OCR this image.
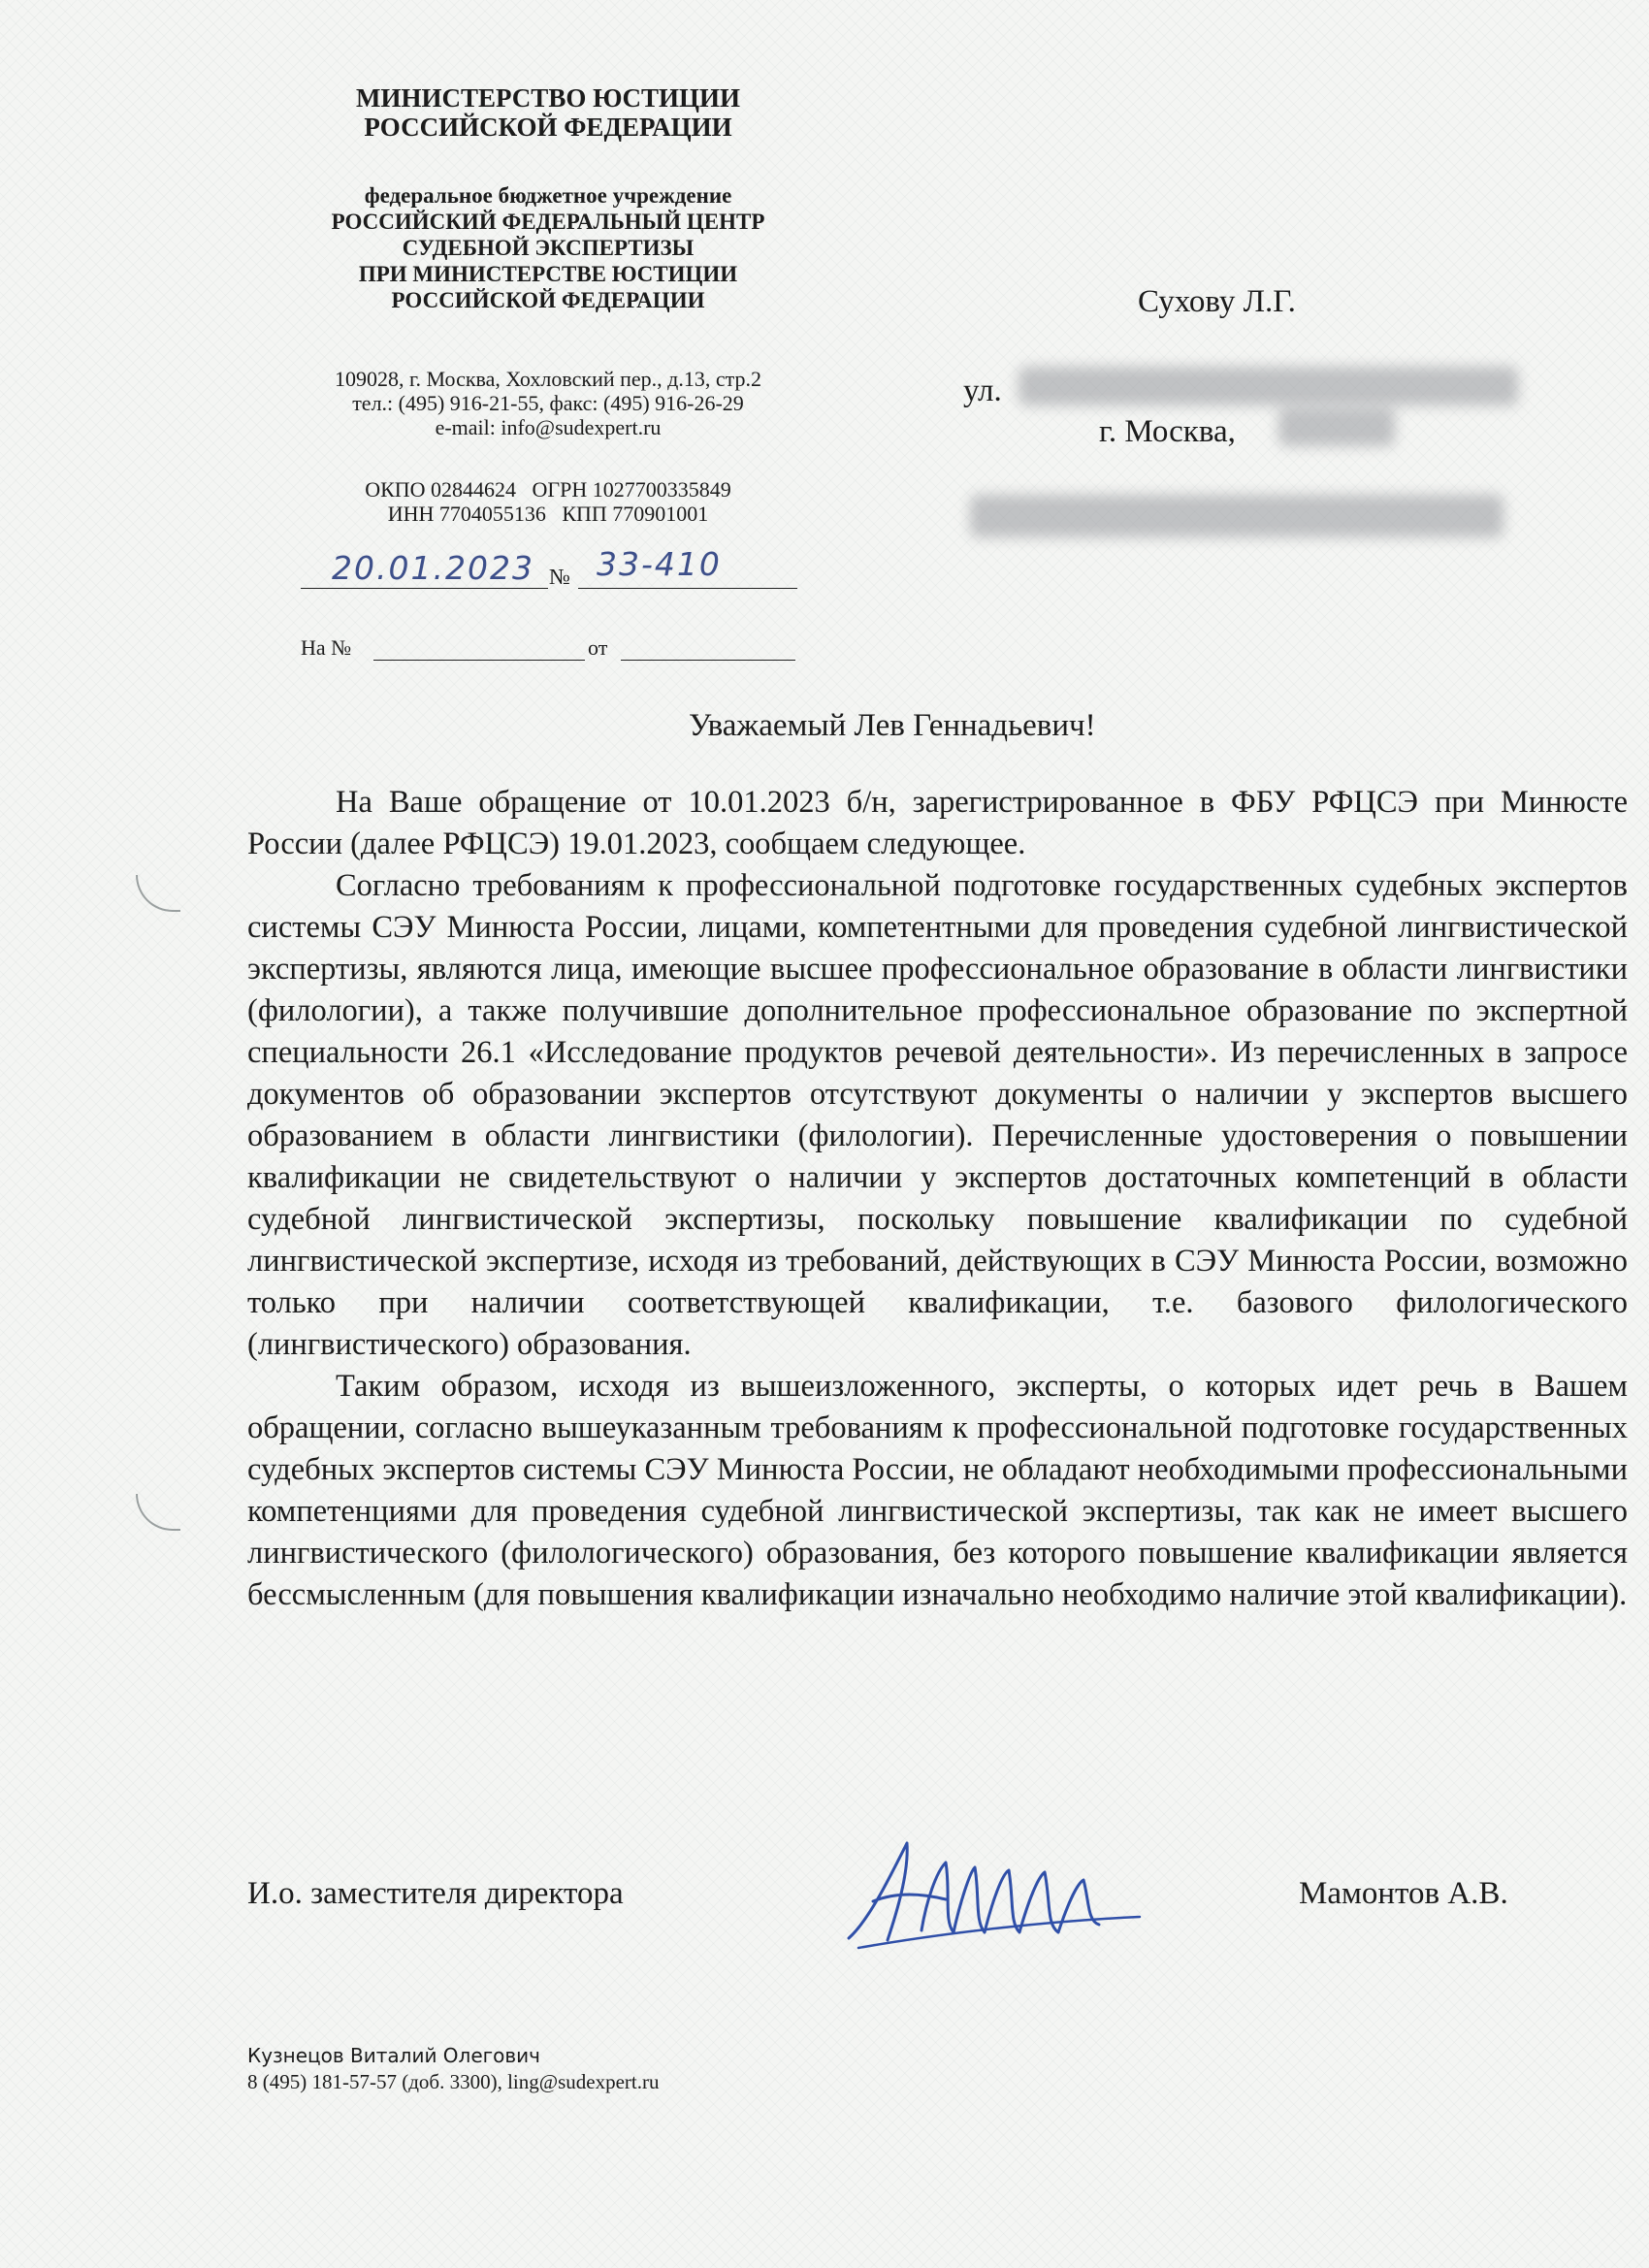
МИНИСТЕРСТВО ЮСТИЦИИ
РОССИЙСКОЙ ФЕДЕРАЦИИ
федеральное бюджетное учреждение
РОССИЙСКИЙ ФЕДЕРАЛЬНЫЙ ЦЕНТР
СУДЕБНОЙ ЭКСПЕРТИЗЫ
ПРИ МИНИСТЕРСТВЕ ЮСТИЦИИ
РОССИЙСКОЙ ФЕДЕРАЦИИ
109028, г. Москва, Хохловский пер., д.13, стр.2
тел.: (495) 916-21-55, факс: (495) 916-26-29
e-mail: info@sudexpert.ru
ОКПО 02844624   ОГРН 1027700335849
ИНН 7704055136   КПП 770901001
20.01.2023 № 33-410
На №	от
Сухову Л.Г.
ул.
г. Москва,
Уважаемый Лев Геннадьевич!

На Ваше обращение от 10.01.2023 б/н, зарегистрированное в ФБУ РФЦСЭ при Минюсте России (далее РФЦСЭ) 19.01.2023, сообщаем следующее.

Согласно требованиям к профессиональной подготовке государственных судебных экспертов системы СЭУ Минюста России, лицами, компетентными для проведения судебной лингвистической экспертизы, являются лица, имеющие высшее профессиональное образование в области лингвистики (филологии), а также получившие дополнительное профессиональное образование по экспертной специальности 26.1 «Исследование продуктов речевой деятельности». Из перечисленных в запросе документов об образовании экспертов отсутствуют документы о наличии у экспертов высшего образованием в области лингвистики (филологии). Перечисленные удостоверения о повышении квалификации не свидетельствуют о наличии у экспертов достаточных компетенций в области судебной лингвистической экспертизы, поскольку повышение квалификации по судебной лингвистической экспертизе, исходя из требований, действующих в СЭУ Минюста России, возможно только при наличии соответствующей квалификации, т.е. базового филологического (лингвистического) образования.

Таким образом, исходя из вышеизложенного, эксперты, о которых идет речь в Вашем обращении, согласно вышеуказанным требованиям к профессиональной подготовке государственных судебных экспертов системы СЭУ Минюста России, не обладают необходимыми профессиональными компетенциями для проведения судебной лингвистической экспертизы, так как не имеет высшего лингвистического (филологического) образования, без которого повышение квалификации является бессмысленным (для повышения квалификации изначально необходимо наличие этой квалификации).

И.о. заместителя директора	Мамонтов А.В.
Кузнецов Виталий Олегович
8 (495) 181-57-57 (доб. 3300), ling@sudexpert.ru
